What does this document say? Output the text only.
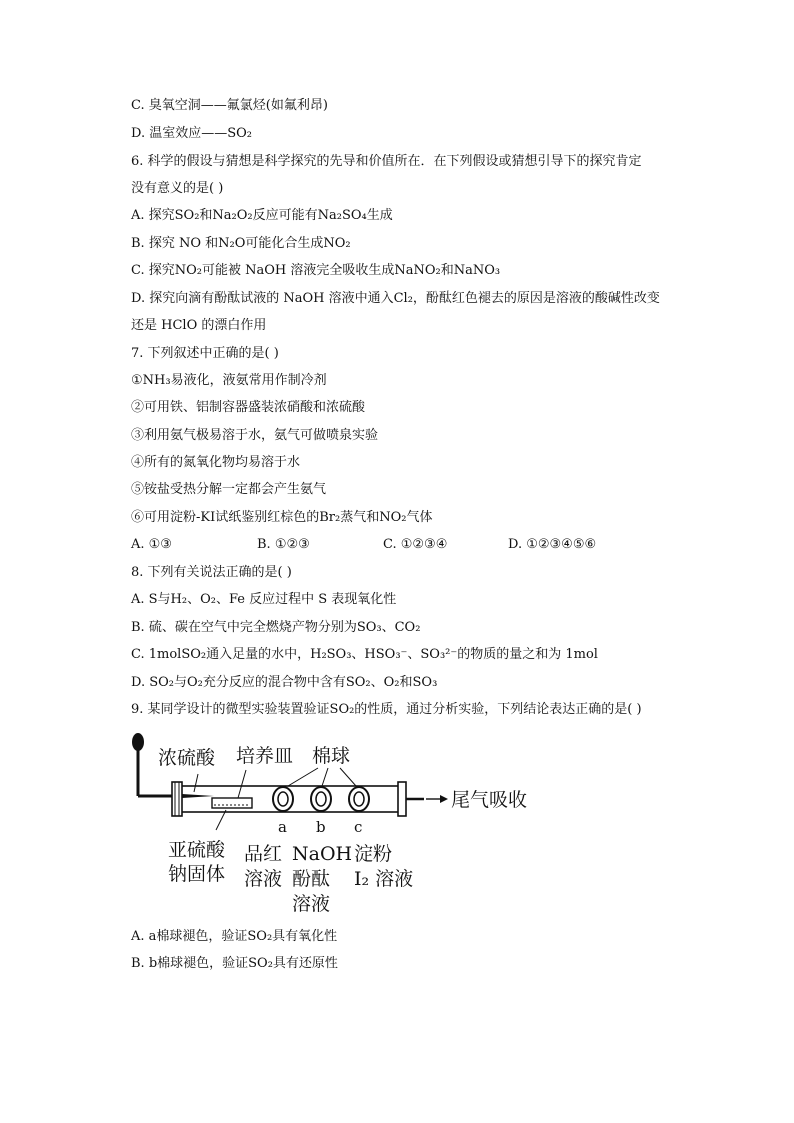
C. 臭氧空洞——氟氯烃(如氟利昂)
D. 温室效应——SO₂
6. 科学的假设与猜想是科学探究的先导和价值所在．在下列假设或猜想引导下的探究肯定
没有意义的是( )
A. 探究SO₂和Na₂O₂反应可能有Na₂SO₄生成
B. 探究 NO 和N₂O可能化合生成NO₂
C. 探究NO₂可能被 NaOH 溶液完全吸收生成NaNO₂和NaNO₃
D. 探究向滴有酚酞试液的 NaOH 溶液中通入Cl₂，酚酞红色褪去的原因是溶液的酸碱性改变
还是 HClO 的漂白作用
7. 下列叙述中正确的是( )
①NH₃易液化，液氨常用作制冷剂
②可用铁、铝制容器盛装浓硝酸和浓硫酸
③利用氨气极易溶于水，氨气可做喷泉实验
④所有的氮氧化物均易溶于水
⑤铵盐受热分解一定都会产生氨气
⑥可用淀粉-KI试纸鉴别红棕色的Br₂蒸气和NO₂气体
A. ①③	B. ①②③	C. ①②③④	D. ①②③④⑤⑥
8. 下列有关说法正确的是( )
A. S与H₂、O₂、Fe 反应过程中 S 表现氧化性
B. 硫、碳在空气中完全燃烧产物分别为SO₃、CO₂
C. 1molSO₂通入足量的水中，H₂SO₃、HSO₃⁻、SO₃²⁻的物质的量之和为 1mol
D. SO₂与O₂充分反应的混合物中含有SO₂、O₂和SO₃
9. 某同学设计的微型实验装置验证SO₂的性质，通过分析实验，下列结论表达正确的是( )
浓硫酸 培养皿 棉球
尾气吸收
a b c
亚硫酸
钠固体
品红
溶液
NaOH
酚酞
溶液
淀粉
I₂ 溶液
A. a棉球褪色，验证SO₂具有氧化性
B. b棉球褪色，验证SO₂具有还原性
